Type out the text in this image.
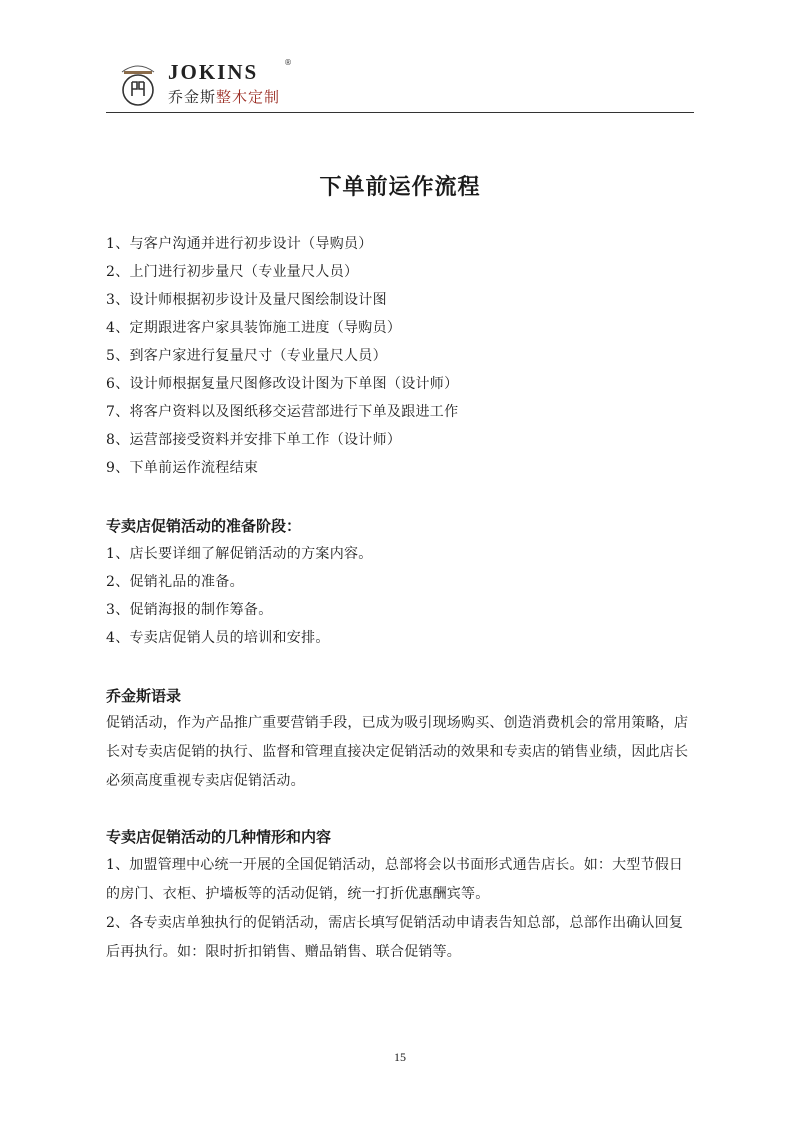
JOKINS	®
乔金斯整木定制
下单前运作流程
1、与客户沟通并进行初步设计（导购员）
2、上门进行初步量尺（专业量尺人员）
3、设计师根据初步设计及量尺图绘制设计图
4、定期跟进客户家具装饰施工进度（导购员）
5、到客户家进行复量尺寸（专业量尺人员）
6、设计师根据复量尺图修改设计图为下单图（设计师）
7、将客户资料以及图纸移交运营部进行下单及跟进工作
8、运营部接受资料并安排下单工作（设计师）
9、下单前运作流程结束
专卖店促销活动的准备阶段：
1、店长要详细了解促销活动的方案内容。
2、促销礼品的准备。
3、促销海报的制作筹备。
4、专卖店促销人员的培训和安排。
乔金斯语录
促销活动，作为产品推广重要营销手段，已成为吸引现场购买、创造消费机会的常用策略，店长对专卖店促销的执行、监督和管理直接决定促销活动的效果和专卖店的销售业绩，因此店长必须高度重视专卖店促销活动。
专卖店促销活动的几种情形和内容
1、加盟管理中心统一开展的全国促销活动，总部将会以书面形式通告店长。如：大型节假日的房门、衣柜、护墙板等的活动促销，统一打折优惠酬宾等。
2、各专卖店单独执行的促销活动，需店长填写促销活动申请表告知总部，总部作出确认回复后再执行。如：限时折扣销售、赠品销售、联合促销等。
15
